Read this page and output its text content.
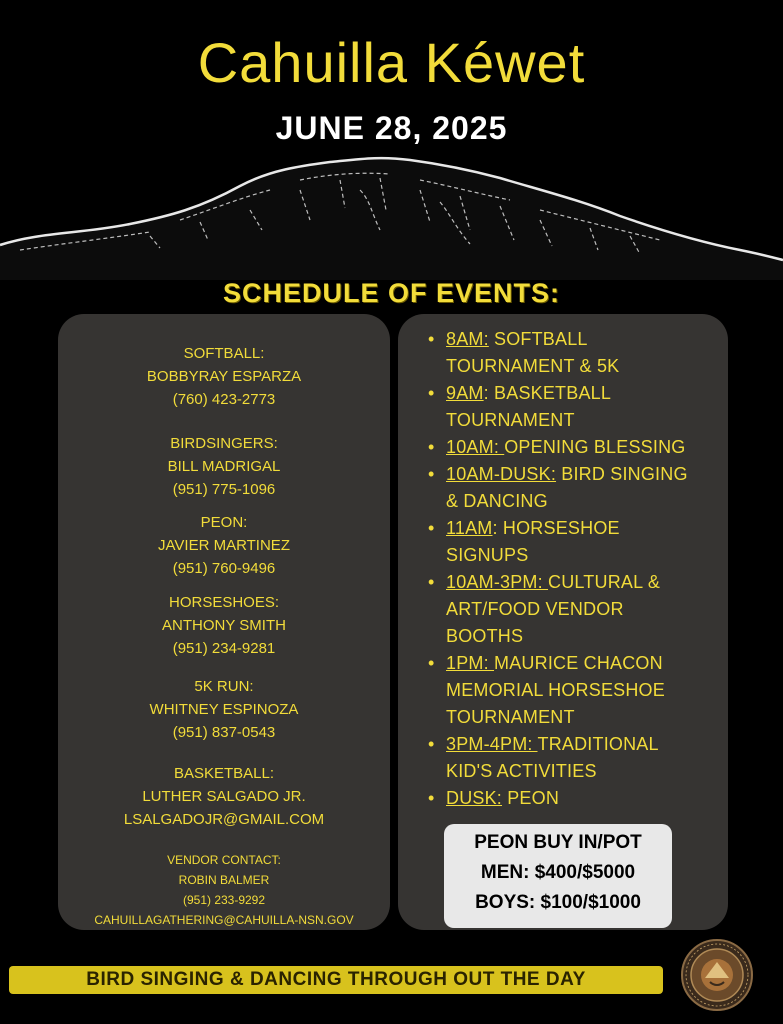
Cahuilla Kéwet
JUNE 28, 2025
SCHEDULE OF EVENTS:
SOFTBALL:
BOBBYRAY ESPARZA
(760) 423-2773
BIRDSINGERS:
BILL MADRIGAL
(951) 775-1096
PEON:
JAVIER MARTINEZ
(951) 760-9496
HORSESHOES:
ANTHONY SMITH
(951) 234-9281
5K RUN:
WHITNEY ESPINOZA
(951) 837-0543
BASKETBALL:
LUTHER SALGADO JR.
LSALGADOJR@GMAIL.COM
VENDOR CONTACT:
ROBIN BALMER
(951) 233-9292
CAHUILLAGATHERING@CAHUILLA-NSN.GOV
• 8AM: SOFTBALL
TOURNAMENT & 5K
• 9AM: BASKETBALL
TOURNAMENT
• 10AM: OPENING BLESSING
• 10AM-DUSK: BIRD SINGING
& DANCING
• 11AM: HORSESHOE
SIGNUPS
• 10AM-3PM: CULTURAL &
ART/FOOD VENDOR
BOOTHS
• 1PM: MAURICE CHACON
MEMORIAL HORSESHOE
TOURNAMENT
• 3PM-4PM: TRADITIONAL
KID'S ACTIVITIES
• DUSK: PEON
PEON BUY IN/POT
MEN: $400/$5000
BOYS: $100/$1000
BIRD SINGING & DANCING THROUGH OUT THE DAY
